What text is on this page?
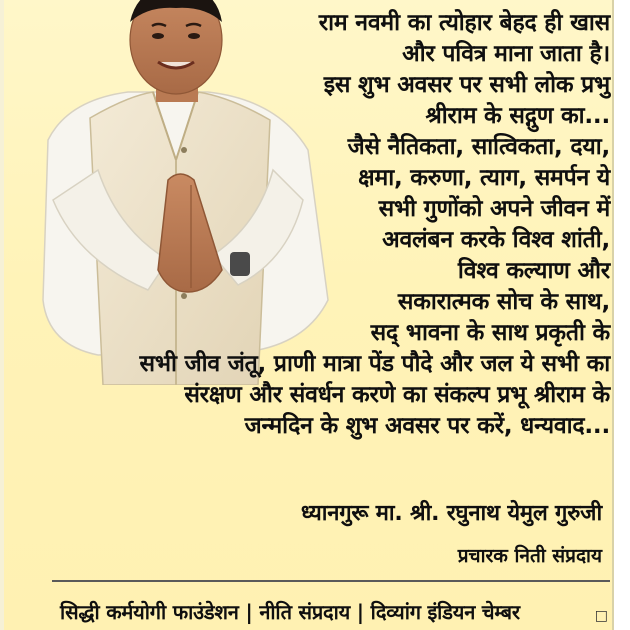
राम नवमी का त्योहार बेहद ही खास
और पवित्र माना जाता है।
इस शुभ अवसर पर सभी लोक प्रभु
श्रीराम के सद्गुण का...
जैसे नैतिकता, सात्विकता, दया,
क्षमा, करुणा, त्याग, समर्पन ये
सभी गुणोंको अपने जीवन में
अवलंबन करके विश्व शांती,
विश्व कल्याण और
सकारात्मक सोच के साथ,
सद् भावना के साथ प्रकृती के
सभी जीव जंतू, प्राणी मात्रा पेंड पौदे और जल ये सभी का
संरक्षण और संवर्धन करणे का संकल्प प्रभू श्रीराम के
जन्मदिन के शुभ अवसर पर करें, धन्यवाद...
ध्यानगुरू मा. श्री. रघुनाथ येमुल गुरुजी
प्रचारक निती संप्रदाय
सिद्धी कर्मयोगी फाउंडेशन | नीति संप्रदाय | दिव्यांग इंडियन चेम्बर	□
